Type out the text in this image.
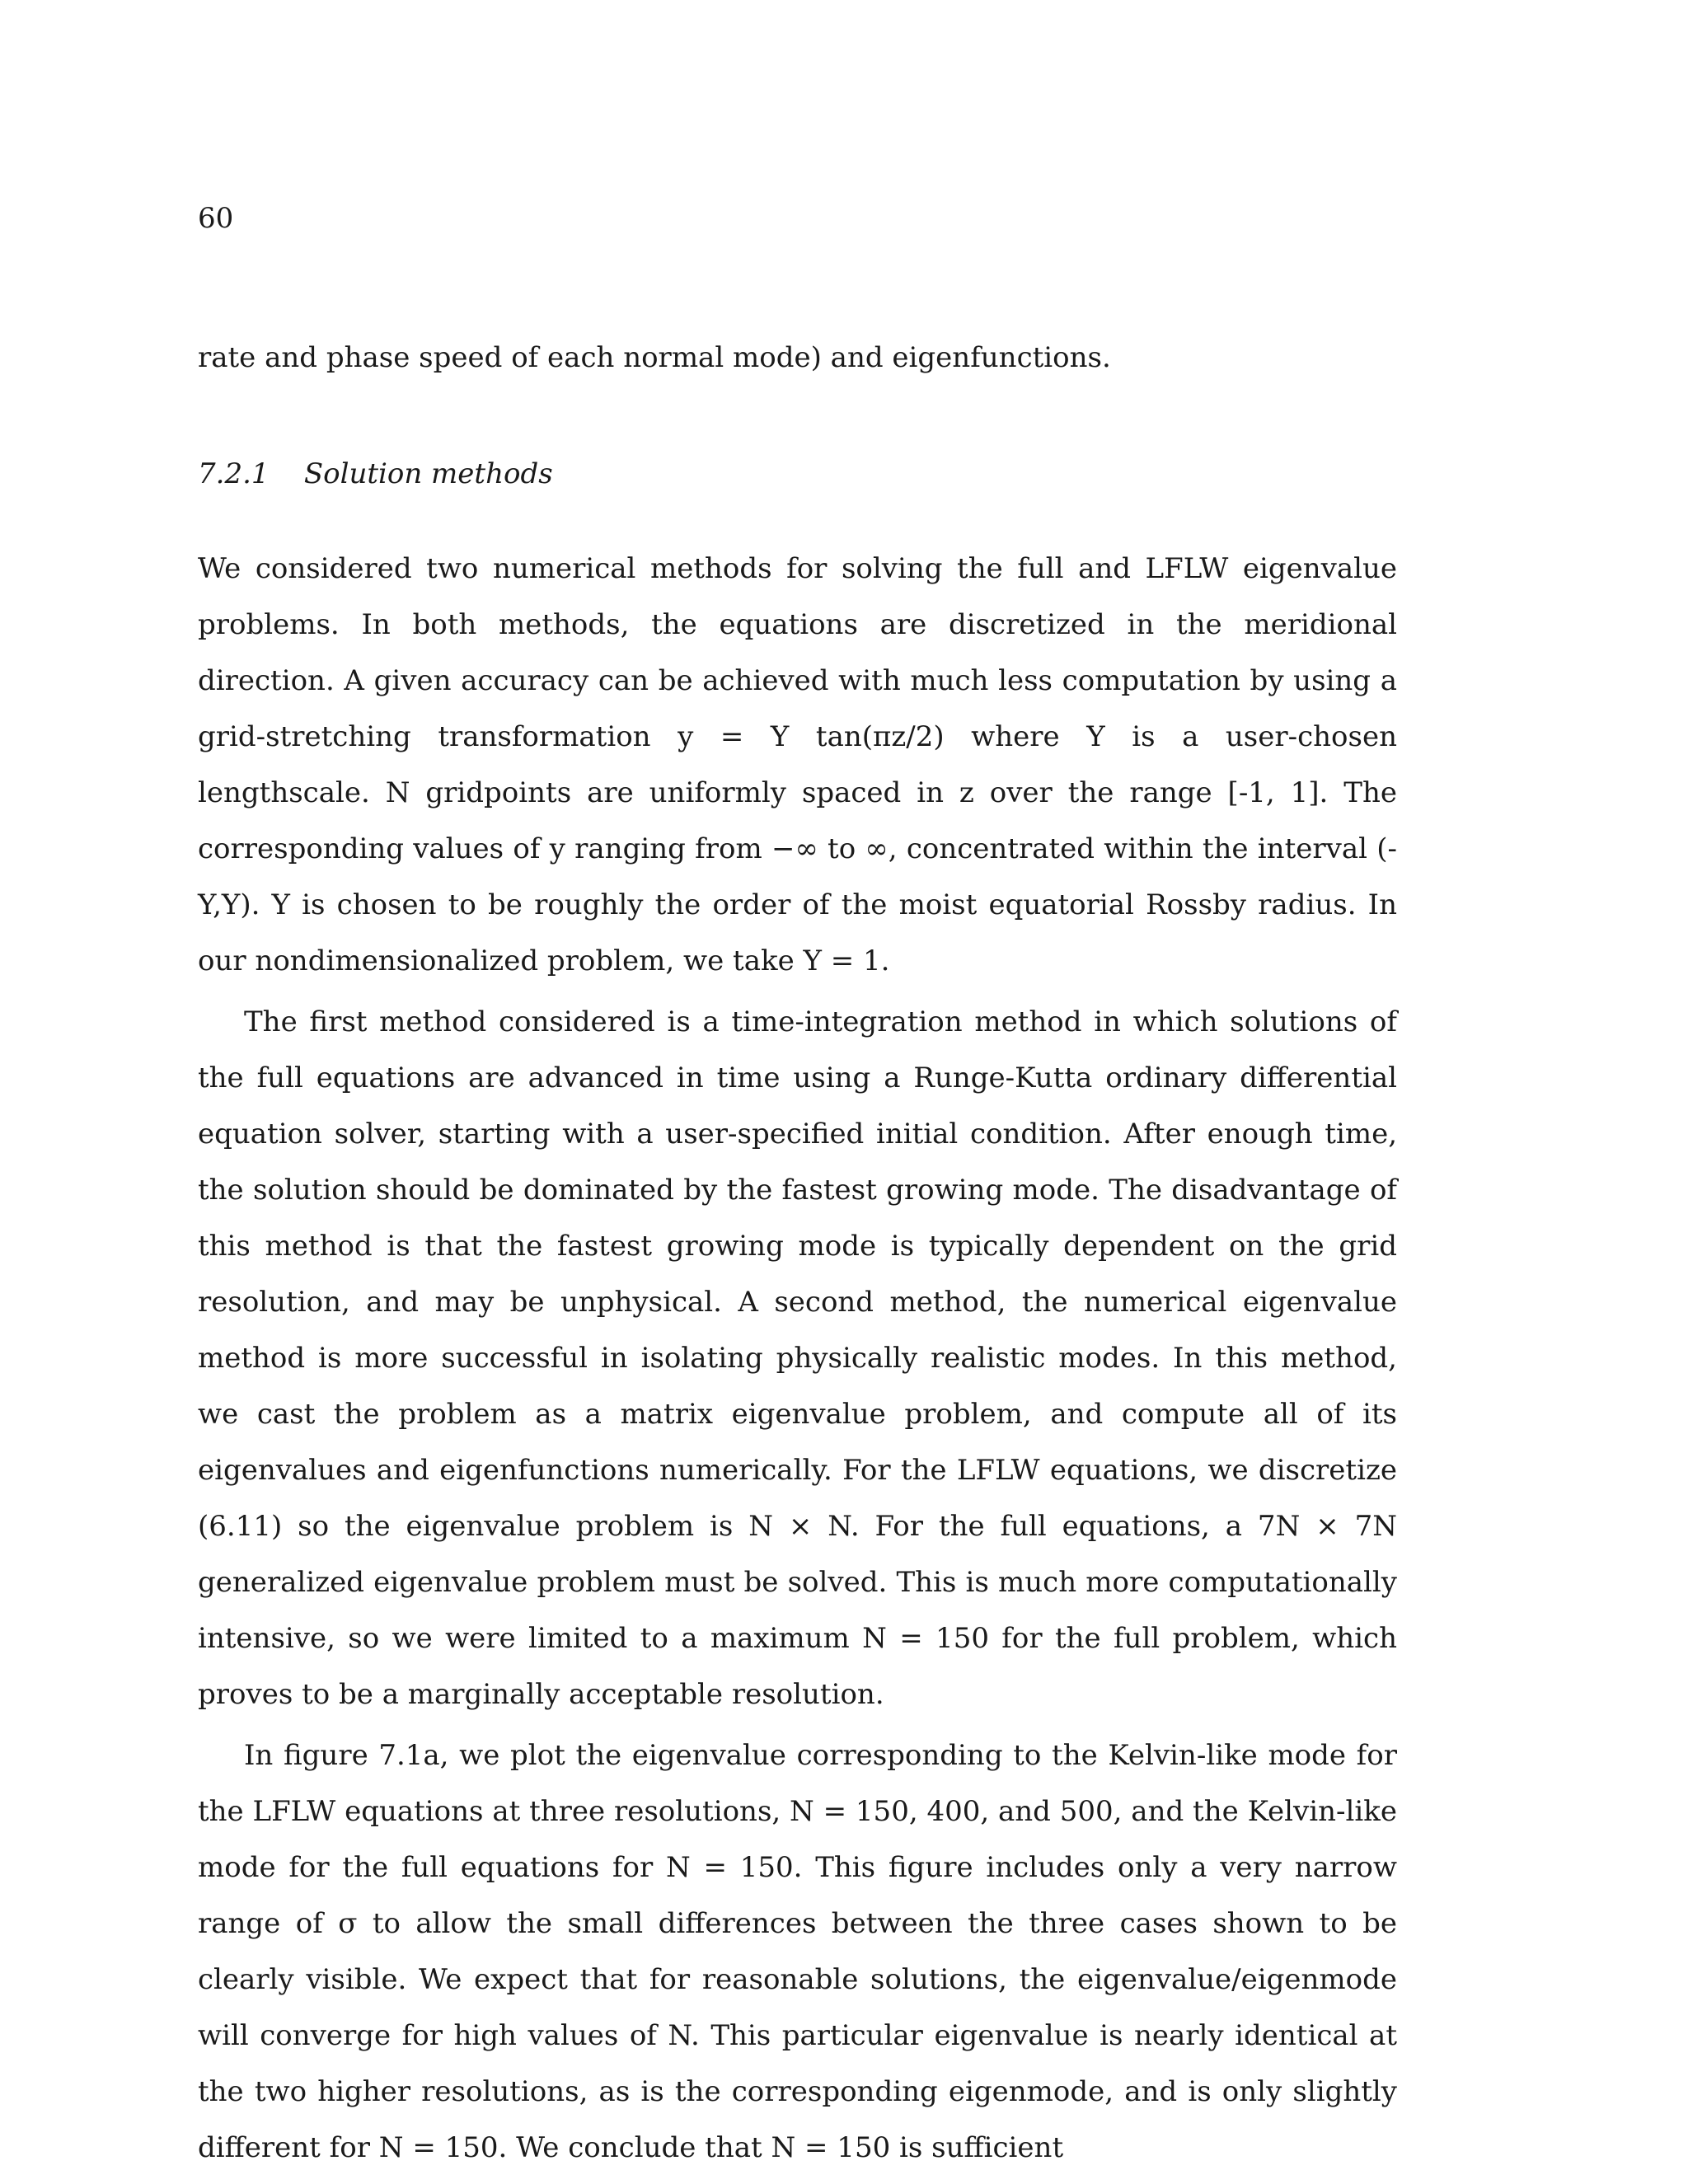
60

rate and phase speed of each normal mode) and eigenfunctions.

7.2.1 Solution methods

We considered two numerical methods for solving the full and LFLW eigenvalue problems. In both methods, the equations are discretized in the meridional direction. A given accuracy can be achieved with much less computation by using a grid-stretching transformation y = Y tan(πz/2) where Y is a user-chosen lengthscale. N gridpoints are uniformly spaced in z over the range [-1, 1]. The corresponding values of y ranging from −∞ to ∞, concentrated within the interval (-Y,Y). Y is chosen to be roughly the order of the moist equatorial Rossby radius. In our nondimensionalized problem, we take Y = 1.

The first method considered is a time-integration method in which solutions of the full equations are advanced in time using a Runge-Kutta ordinary differential equation solver, starting with a user-specified initial condition. After enough time, the solution should be dominated by the fastest growing mode. The disadvantage of this method is that the fastest growing mode is typically dependent on the grid resolution, and may be unphysical. A second method, the numerical eigenvalue method is more successful in isolating physically realistic modes. In this method, we cast the problem as a matrix eigenvalue problem, and compute all of its eigenvalues and eigenfunctions numerically. For the LFLW equations, we discretize (6.11) so the eigenvalue problem is N × N. For the full equations, a 7N × 7N generalized eigenvalue problem must be solved. This is much more computationally intensive, so we were limited to a maximum N = 150 for the full problem, which proves to be a marginally acceptable resolution.

In figure 7.1a, we plot the eigenvalue corresponding to the Kelvin-like mode for the LFLW equations at three resolutions, N = 150, 400, and 500, and the Kelvin-like mode for the full equations for N = 150. This figure includes only a very narrow range of σ to allow the small differences between the three cases shown to be clearly visible. We expect that for reasonable solutions, the eigenvalue/eigenmode will converge for high values of N. This particular eigenvalue is nearly identical at the two higher resolutions, as is the corresponding eigenmode, and is only slightly different for N = 150. We conclude that N = 150 is sufficient
